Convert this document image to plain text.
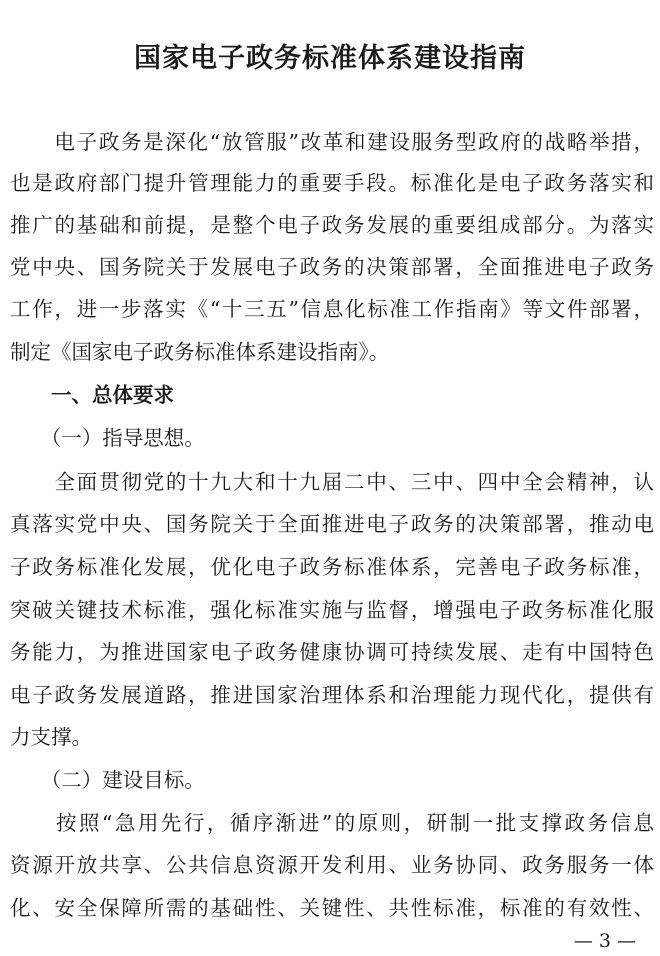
国家电子政务标准体系建设指南
　　电子政务是深化“放管服”改革和建设服务型政府的战略举措，
也是政府部门提升管理能力的重要手段。标准化是电子政务落实和
推广的基础和前提，是整个电子政务发展的重要组成部分。为落实
党中央、国务院关于发展电子政务的决策部署，全面推进电子政务
工作，进一步落实《“十三五”信息化标准工作指南》等文件部署，
制定《国家电子政务标准体系建设指南》。
　　一、总体要求
　　（一）指导思想。
　　全面贯彻党的十九大和十九届二中、三中、四中全会精神，认
真落实党中央、国务院关于全面推进电子政务的决策部署，推动电
子政务标准化发展，优化电子政务标准体系，完善电子政务标准，
突破关键技术标准，强化标准实施与监督，增强电子政务标准化服
务能力，为推进国家电子政务健康协调可持续发展、走有中国特色
电子政务发展道路，推进国家治理体系和治理能力现代化，提供有
力支撑。
　　（二）建设目标。
　　按照“急用先行，循序渐进”的原则，研制一批支撑政务信息
资源开放共享、公共信息资源开发利用、业务协同、政务服务一体
化、安全保障所需的基础性、关键性、共性标准，标准的有效性、
— 3 —
